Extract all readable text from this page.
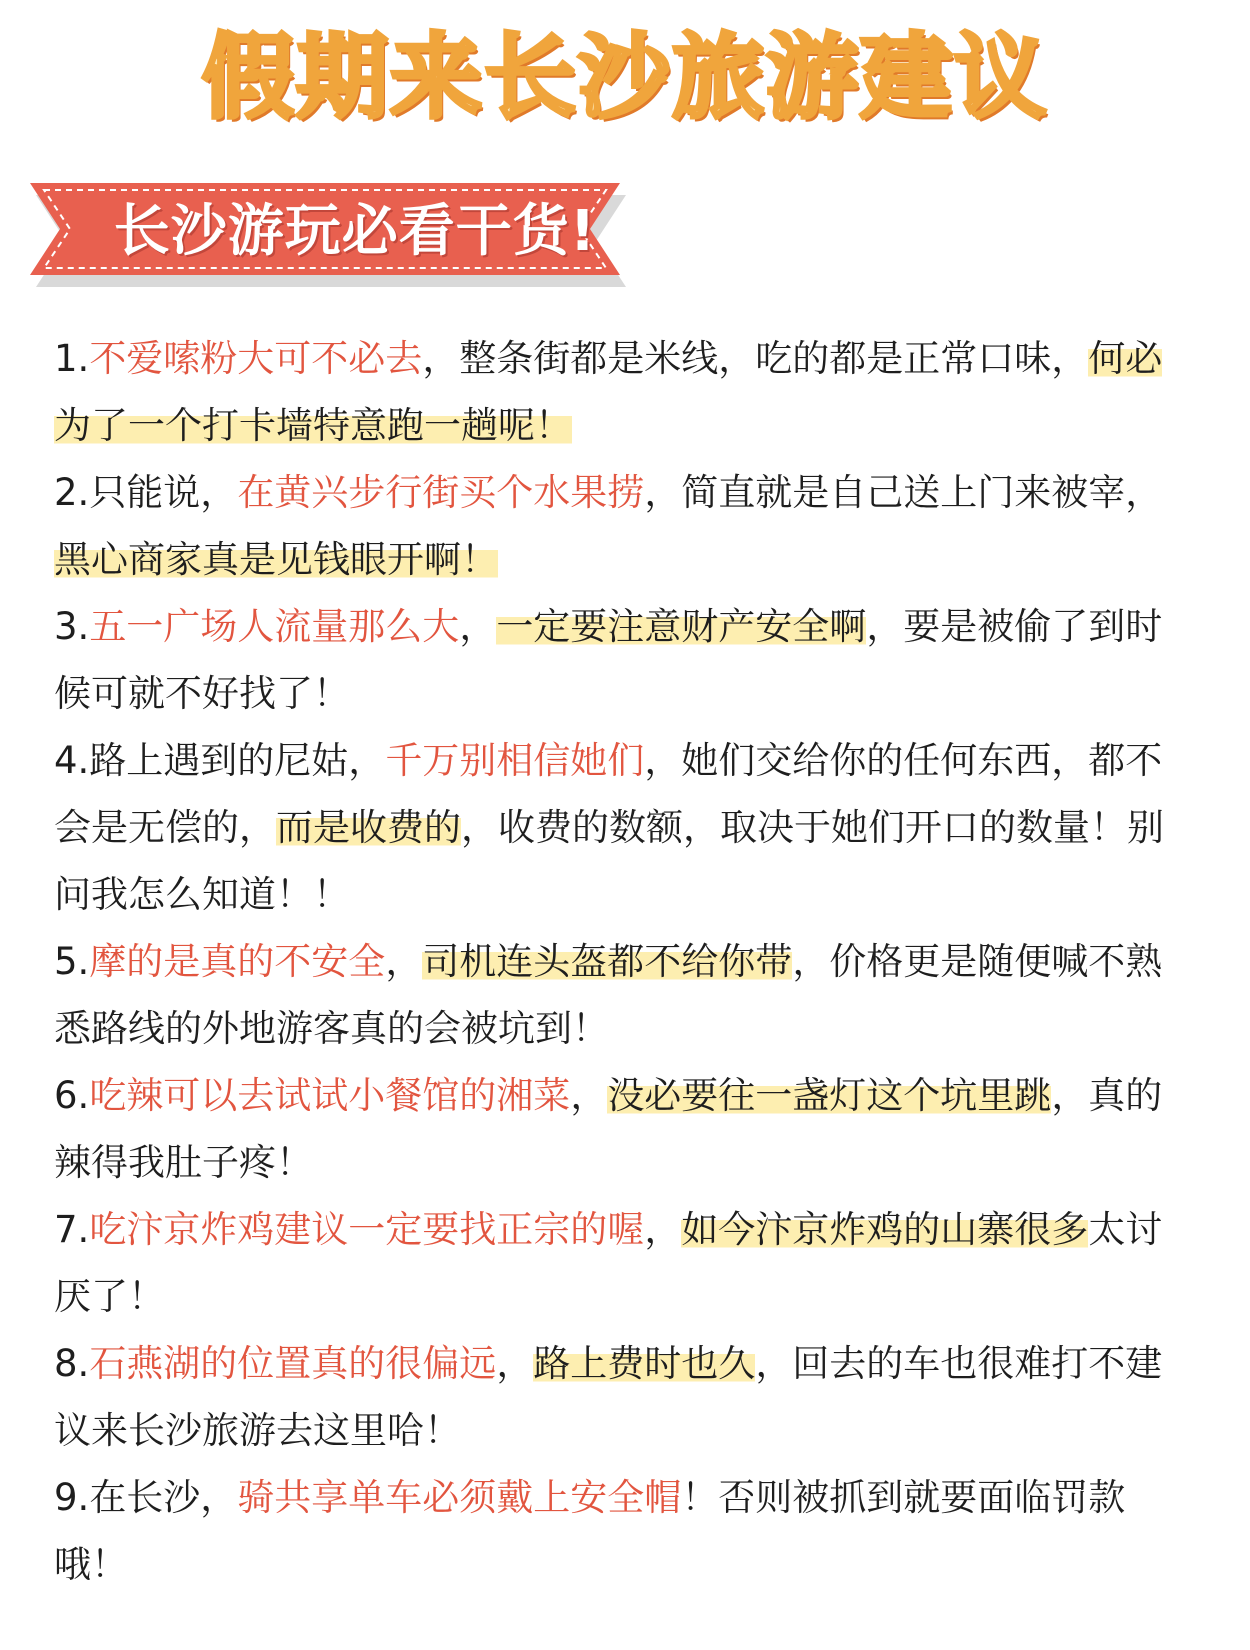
假期来长沙旅游建议
长沙游玩必看干货!

1.不爱嗦粉大可不必去，整条街都是米线，吃的都是正常口味，何必为了一个打卡墙特意跑一趟呢！

2.只能说，在黄兴步行街买个水果捞，简直就是自己送上门来被宰，黑心商家真是见钱眼开啊！

3.五一广场人流量那么大，一定要注意财产安全啊，要是被偷了到时候可就不好找了！

4.路上遇到的尼姑，千万别相信她们，她们交给你的任何东西，都不会是无偿的，而是收费的，收费的数额，取决于她们开口的数量！别问我怎么知道！！

5.摩的是真的不安全，司机连头盔都不给你带，价格更是随便喊不熟悉路线的外地游客真的会被坑到！

6.吃辣可以去试试小餐馆的湘菜，没必要往一盏灯这个坑里跳，真的辣得我肚子疼！

7.吃汴京炸鸡建议一定要找正宗的喔，如今汴京炸鸡的山寨很多太讨厌了！

8.石燕湖的位置真的很偏远，路上费时也久，回去的车也很难打不建议来长沙旅游去这里哈！

9.在长沙，骑共享单车必须戴上安全帽！否则被抓到就要面临罚款哦！
